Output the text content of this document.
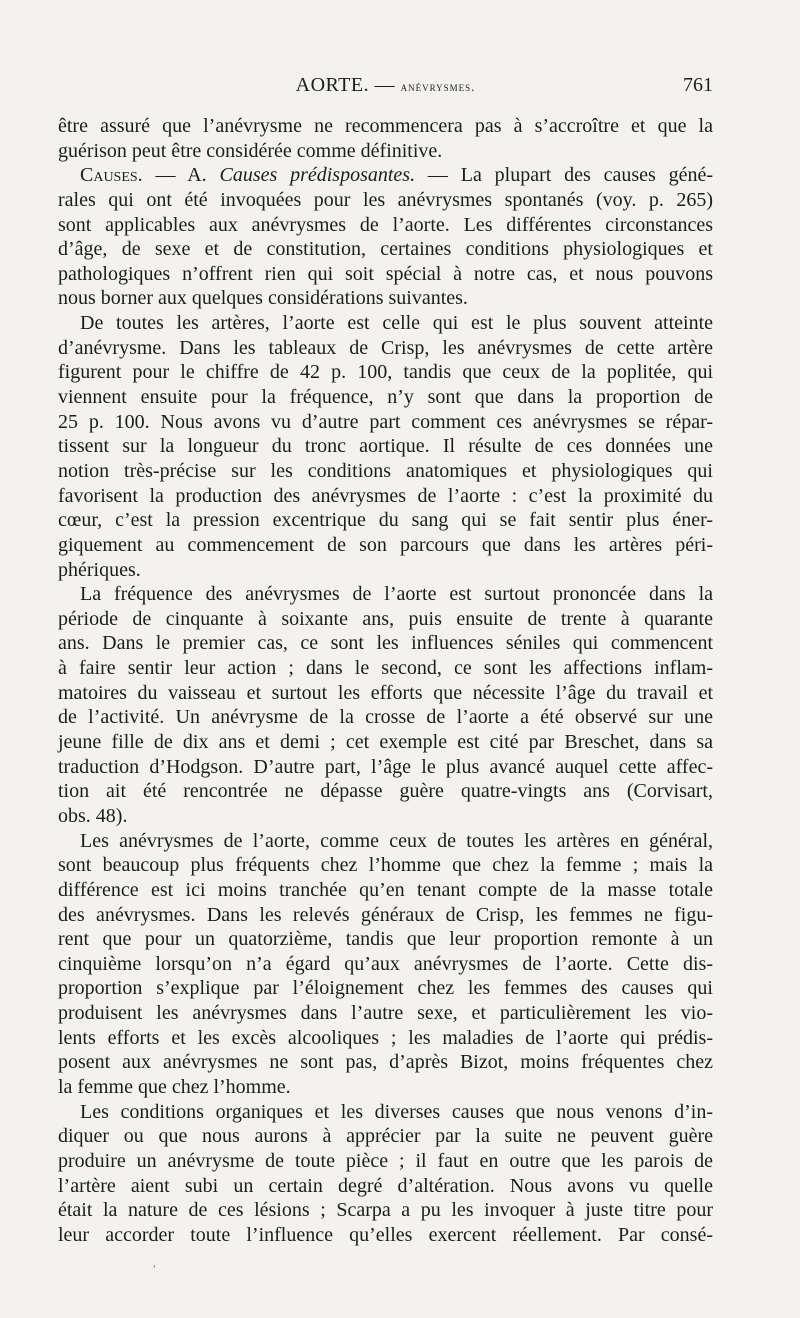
AORTE. — anévrysmes.	761
être assuré que l’anévrysme ne recommencera pas à s’accroître et que la
guérison peut être considérée comme définitive.
Causes. — A. Causes prédisposantes. — La plupart des causes géné-
rales qui ont été invoquées pour les anévrysmes spontanés (voy. p. 265)
sont applicables aux anévrysmes de l’aorte. Les différentes circonstances
d’âge, de sexe et de constitution, certaines conditions physiologiques et
pathologiques n’offrent rien qui soit spécial à notre cas, et nous pouvons
nous borner aux quelques considérations suivantes.
De toutes les artères, l’aorte est celle qui est le plus souvent atteinte
d’anévrysme. Dans les tableaux de Crisp, les anévrysmes de cette artère
figurent pour le chiffre de 42 p. 100, tandis que ceux de la poplitée, qui
viennent ensuite pour la fréquence, n’y sont que dans la proportion de
25 p. 100. Nous avons vu d’autre part comment ces anévrysmes se répar-
tissent sur la longueur du tronc aortique. Il résulte de ces données une
notion très-précise sur les conditions anatomiques et physiologiques qui
favorisent la production des anévrysmes de l’aorte : c’est la proximité du
cœur, c’est la pression excentrique du sang qui se fait sentir plus éner-
giquement au commencement de son parcours que dans les artères péri-
phériques.
La fréquence des anévrysmes de l’aorte est surtout prononcée dans la
période de cinquante à soixante ans, puis ensuite de trente à quarante
ans. Dans le premier cas, ce sont les influences séniles qui commencent
à faire sentir leur action ; dans le second, ce sont les affections inflam-
matoires du vaisseau et surtout les efforts que nécessite l’âge du travail et
de l’activité. Un anévrysme de la crosse de l’aorte a été observé sur une
jeune fille de dix ans et demi ; cet exemple est cité par Breschet, dans sa
traduction d’Hodgson. D’autre part, l’âge le plus avancé auquel cette affec-
tion ait été rencontrée ne dépasse guère quatre-vingts ans (Corvisart,
obs. 48).
Les anévrysmes de l’aorte, comme ceux de toutes les artères en général,
sont beaucoup plus fréquents chez l’homme que chez la femme ; mais la
différence est ici moins tranchée qu’en tenant compte de la masse totale
des anévrysmes. Dans les relevés généraux de Crisp, les femmes ne figu-
rent que pour un quatorzième, tandis que leur proportion remonte à un
cinquième lorsqu’on n’a égard qu’aux anévrysmes de l’aorte. Cette dis-
proportion s’explique par l’éloignement chez les femmes des causes qui
produisent les anévrysmes dans l’autre sexe, et particulièrement les vio-
lents efforts et les excès alcooliques ; les maladies de l’aorte qui prédis-
posent aux anévrysmes ne sont pas, d’après Bizot, moins fréquentes chez
la femme que chez l’homme.
Les conditions organiques et les diverses causes que nous venons d’in-
diquer ou que nous aurons à apprécier par la suite ne peuvent guère
produire un anévrysme de toute pièce ; il faut en outre que les parois de
l’artère aient subi un certain degré d’altération. Nous avons vu quelle
était la nature de ces lésions ; Scarpa a pu les invoquer à juste titre pour
leur accorder toute l’influence qu’elles exercent réellement. Par consé-
˒
